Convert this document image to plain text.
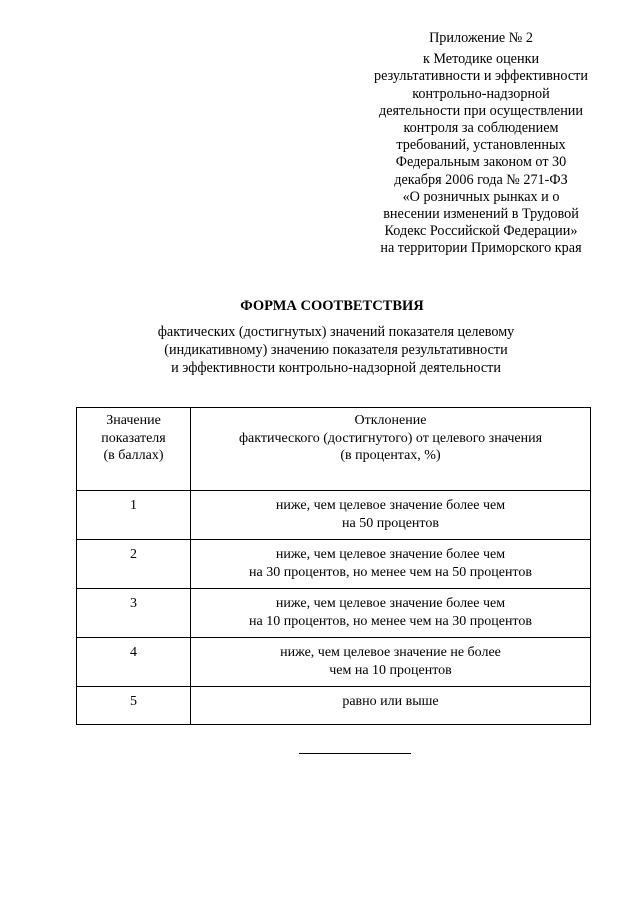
Приложение № 2
к Методике оценки
результативности и эффективности
контрольно-надзорной
деятельности при осуществлении
контроля за соблюдением
требований, установленных
Федеральным законом от 30
декабря 2006 года № 271-ФЗ
«О розничных рынках и о
внесении изменений в Трудовой
Кодекс Российской Федерации»
на территории Приморского края
ФОРМА СООТВЕТСТВИЯ
фактических (достигнутых) значений показателя целевому
(индикативному) значению показателя результативности
и эффективности контрольно-надзорной деятельности
Значение
показателя
(в баллах)	Отклонение
фактического (достигнутого) от целевого значения
(в процентах, %)
1	ниже, чем целевое значение более чем
на 50 процентов
2	ниже, чем целевое значение более чем
на 30 процентов, но менее чем на 50 процентов
3	ниже, чем целевое значение более чем
на 10 процентов, но менее чем на 30 процентов
4	ниже, чем целевое значение не более
чем на 10 процентов
5	равно или выше
